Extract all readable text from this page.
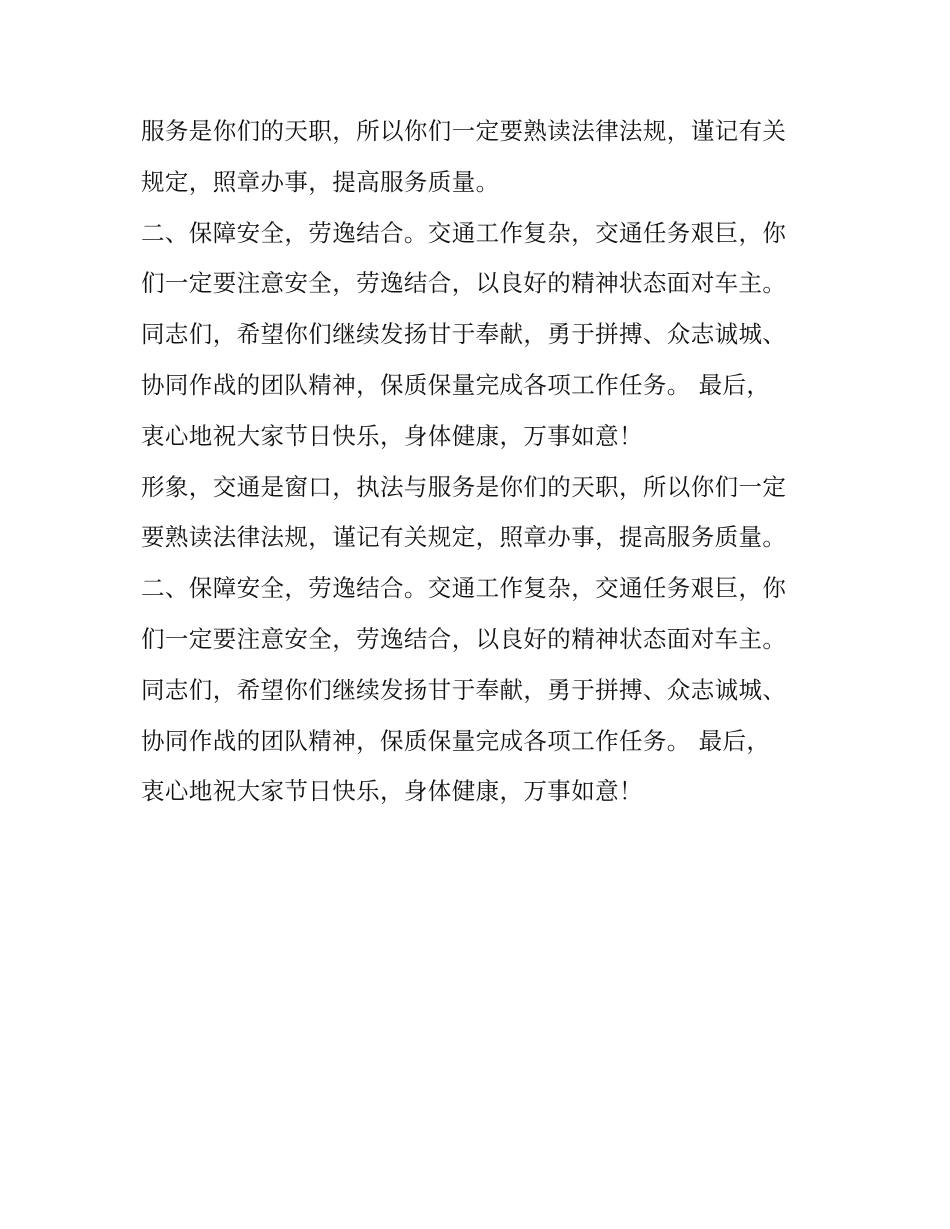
服务是你们的天职，所以你们一定要熟读法律法规，谨记有关
规定，照章办事，提高服务质量。
二、保障安全，劳逸结合。交通工作复杂，交通任务艰巨，你
们一定要注意安全，劳逸结合，以良好的精神状态面对车主。
同志们，希望你们继续发扬甘于奉献，勇于拼搏、众志诚城、
协同作战的团队精神，保质保量完成各项工作任务。 最后，
衷心地祝大家节日快乐，身体健康，万事如意！
形象，交通是窗口，执法与服务是你们的天职，所以你们一定
要熟读法律法规，谨记有关规定，照章办事，提高服务质量。
二、保障安全，劳逸结合。交通工作复杂，交通任务艰巨，你
们一定要注意安全，劳逸结合，以良好的精神状态面对车主。
同志们，希望你们继续发扬甘于奉献，勇于拼搏、众志诚城、
协同作战的团队精神，保质保量完成各项工作任务。 最后，
衷心地祝大家节日快乐，身体健康，万事如意！
